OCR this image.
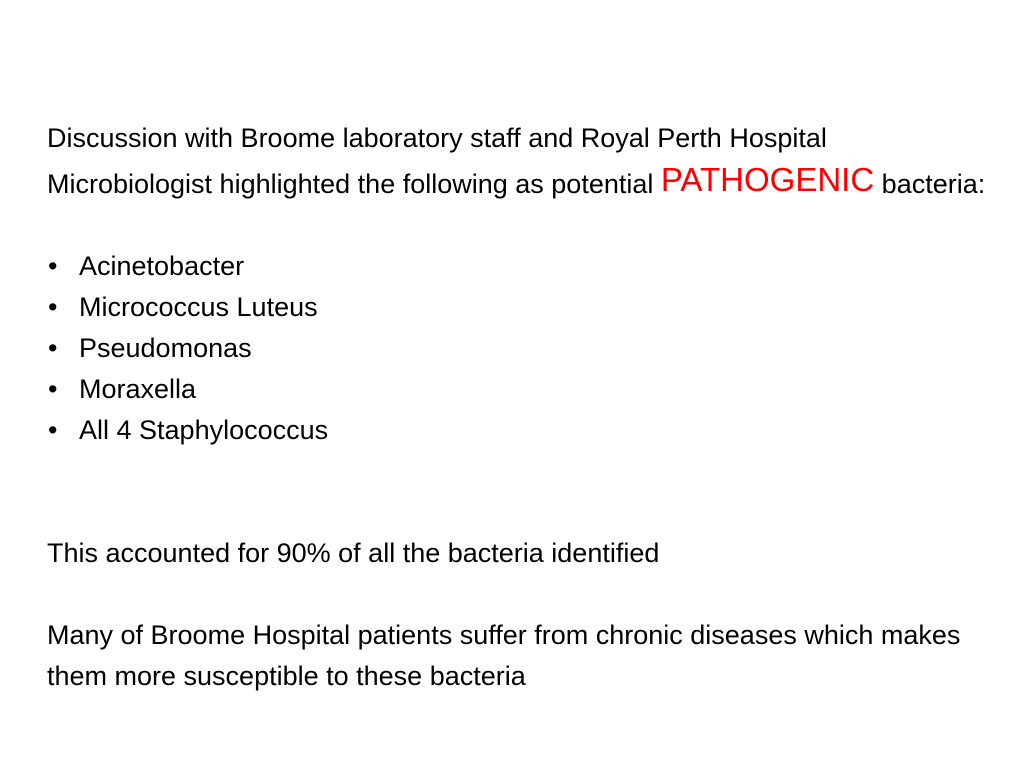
Discussion with Broome laboratory staff and Royal Perth Hospital Microbiologist highlighted the following as potential PATHOGENIC bacteria:

• Acinetobacter
• Micrococcus Luteus
• Pseudomonas
• Moraxella
• All 4 Staphylococcus

This accounted for 90% of all the bacteria identified

Many of Broome Hospital patients suffer from chronic diseases which makes them more susceptible to these bacteria
